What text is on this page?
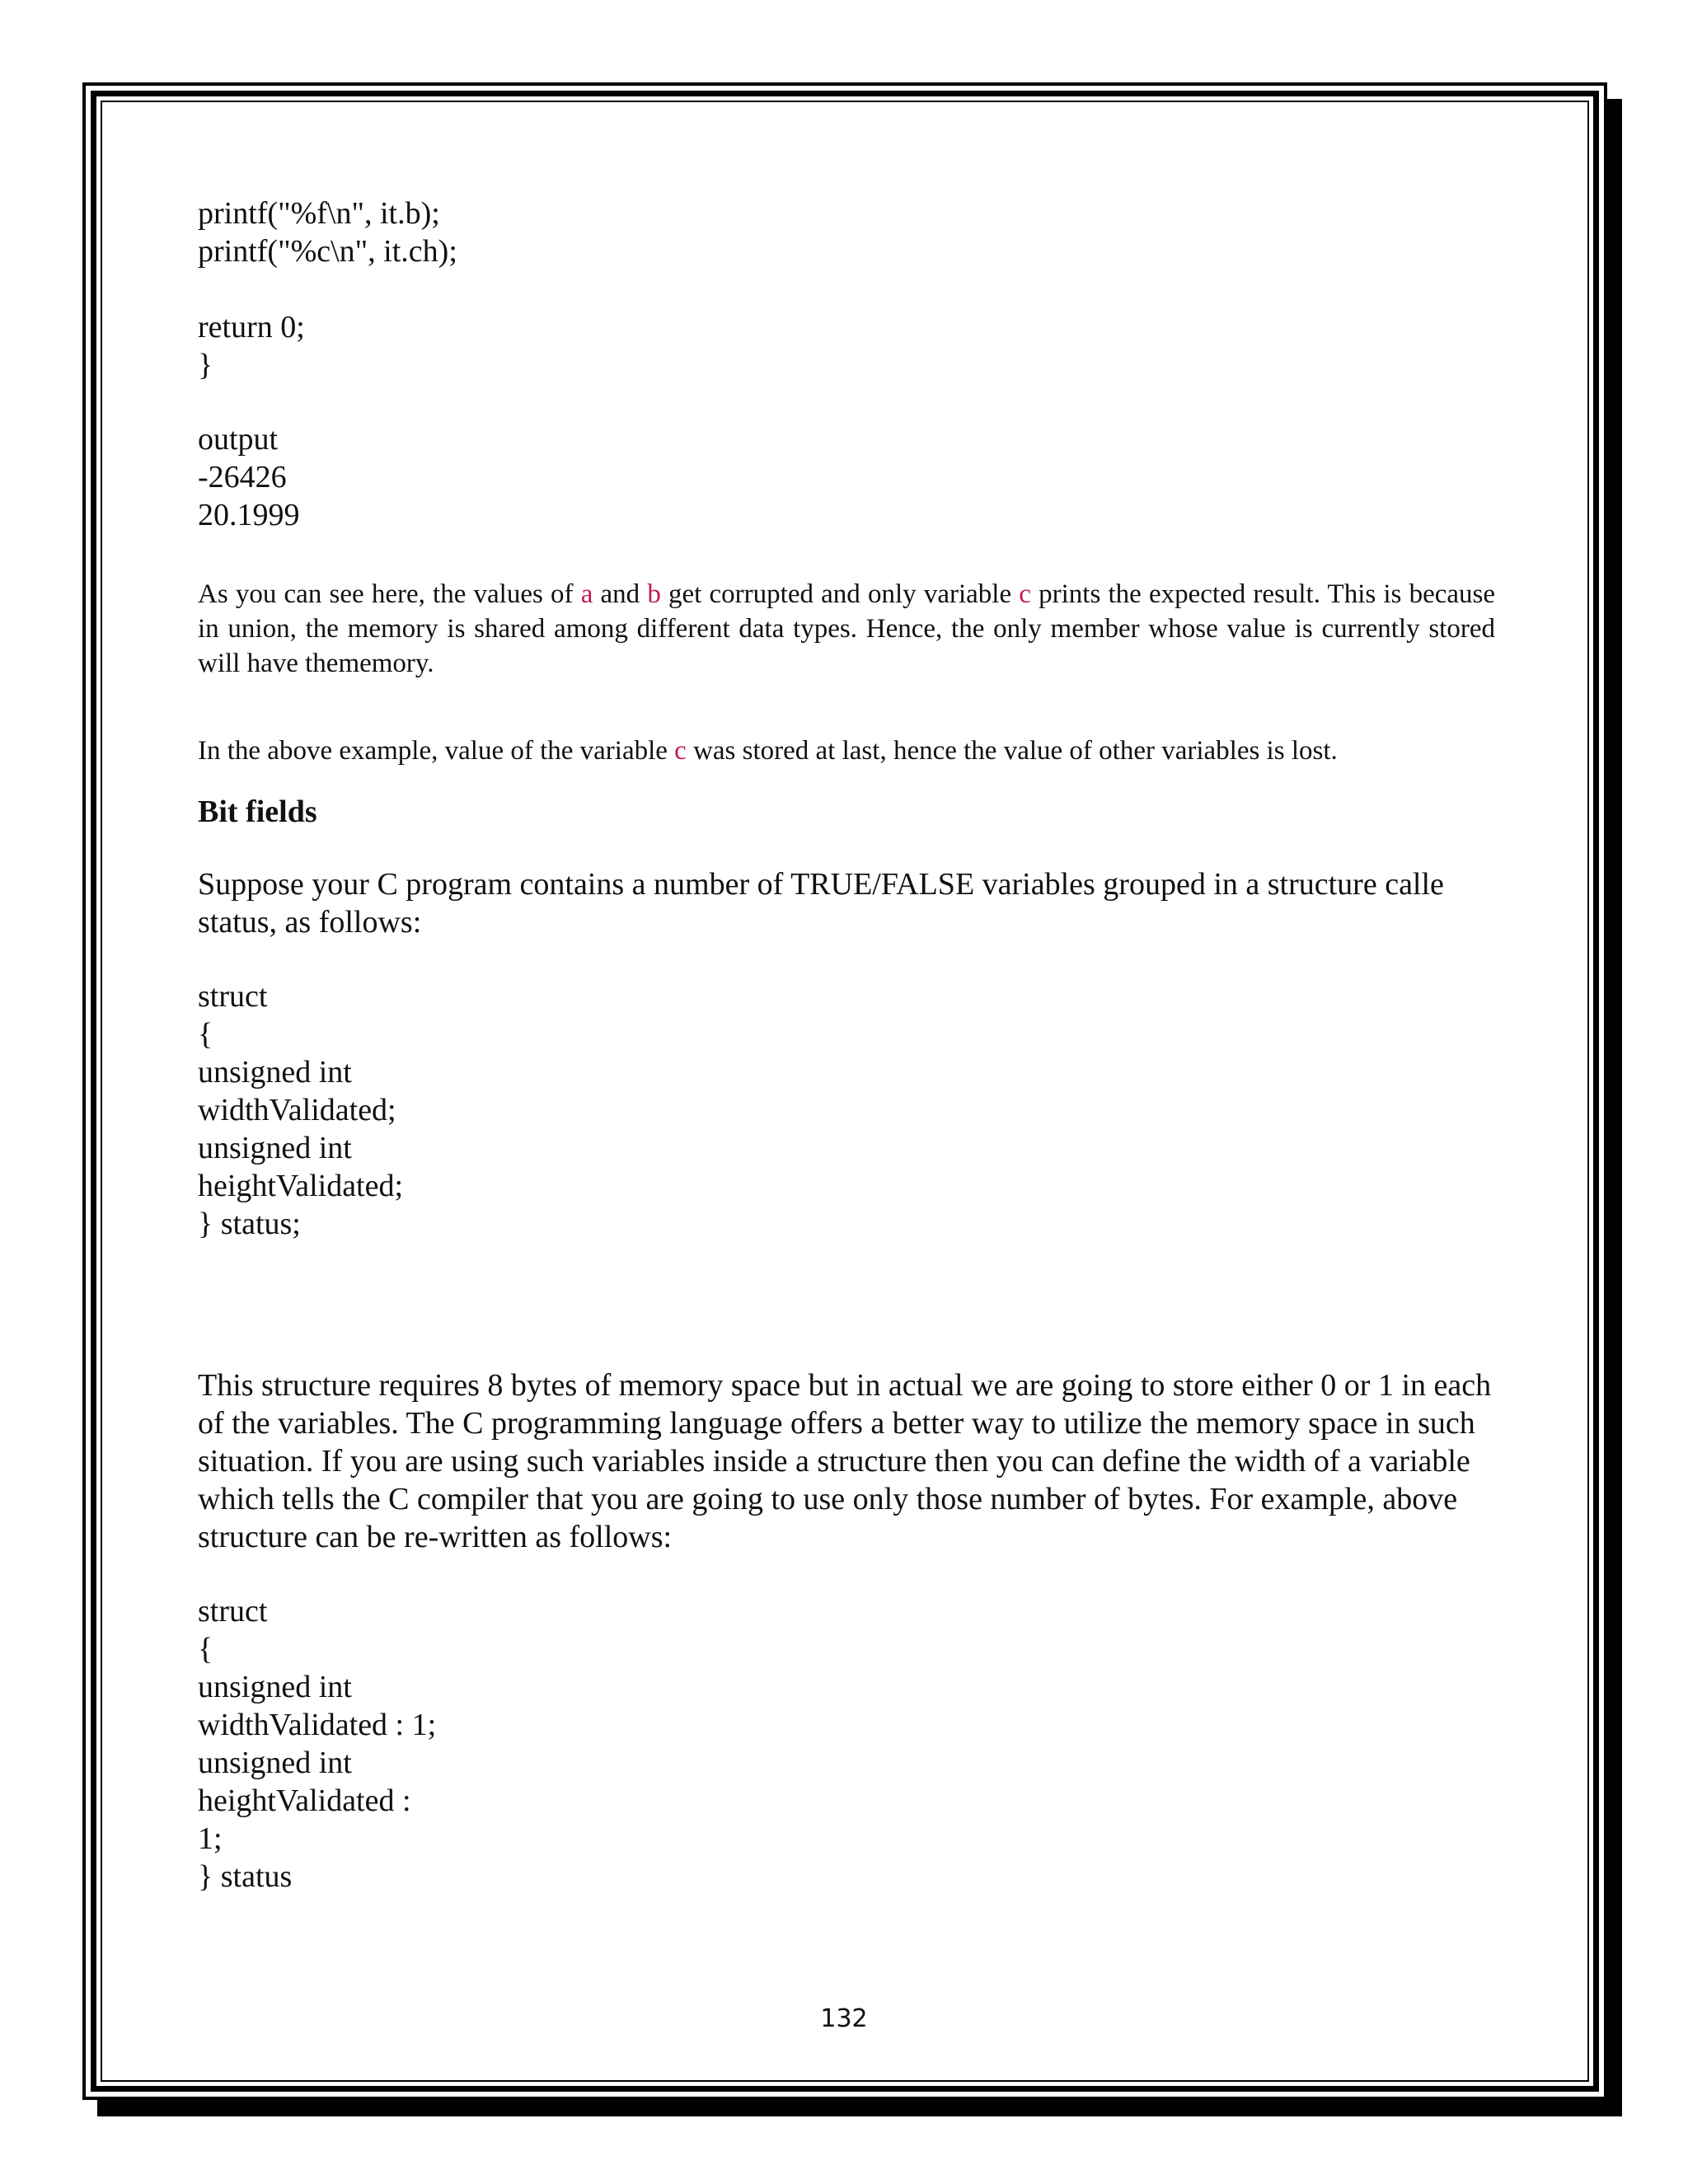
printf("%f\n", it.b);
printf("%c\n", it.ch);

return 0;
}
output
-26426
20.1999

As you can see here, the values of a and b get corrupted and only variable c prints the expected result. This is because in union, the memory is shared among different data types. Hence, the only member whose value is currently stored will have thememory.

In the above example, value of the variable c was stored at last, hence the value of other variables is lost.

Bit fields

Suppose your C program contains a number of TRUE/FALSE variables grouped in a structure calle status, as follows:

struct
{
unsigned int
widthValidated;
unsigned int
heightValidated;
} status;

This structure requires 8 bytes of memory space but in actual we are going to store either 0 or 1 in each of the variables. The C programming language offers a better way to utilize the memory space in such situation. If you are using such variables inside a structure then you can define the width of a variable which tells the C compiler that you are going to use only those number of bytes. For example, above structure can be re-written as follows:

struct
{
unsigned int
widthValidated : 1;
unsigned int
heightValidated :
1;
} status
132
